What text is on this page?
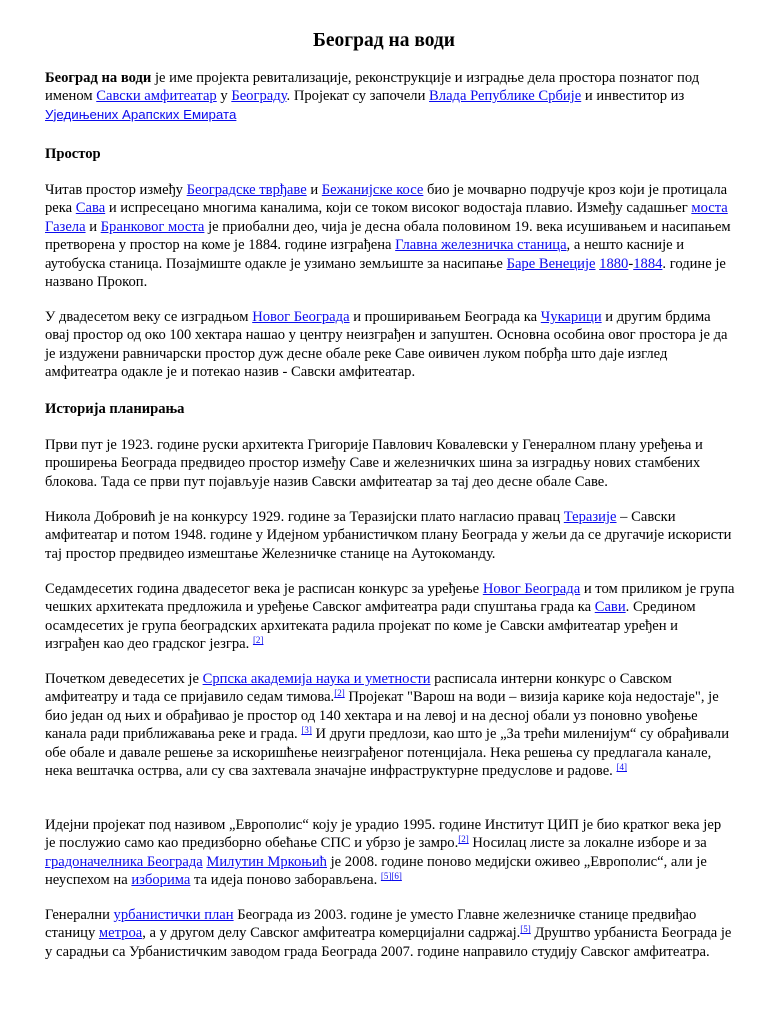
Београд на води

Београд на води је име пројекта ревитализације, реконструкције и изградње дела простора познатог под именом Савски амфитеатар у Београду. Пројекат су започели Влада Републике Србије и инвеститор из Уједињених Арапских Емирата

Простор

Читав простор између Београдске тврђаве и Бежанијске косе био је мочварно подручје кроз који је протицала река Сава и испресецано многима каналима, који се током високог водостаја плавио. Између садашњег моста Газела и Бранковог моста је приобални део, чија је десна обала половином 19. века исушивањем и насипањем претворена у простор на коме је 1884. године изграђена Главна железничка станица, а нешто касније и аутобуска станица. Позајмиште одакле је узимано земљиште за насипање Баре Венеције 1880-1884. године је названо Прокоп.

У двадесетом веку се изградњом Новог Београда и проширивањем Београда ка Чукарици и другим брдима овај простор од око 100 хектара нашао у центру неизграђен и запуштен. Основна особина овог простора је да је издужени равничарски простор дуж десне обале реке Саве оивичен луком побрђа што даје изглед амфитеатра одакле је и потекао назив - Савски амфитеатар.

Историја планирања

Први пут је 1923. године руски архитекта Григорије Павлович Ковалевски у Генералном плану уређења и проширења Београда предвидео простор између Саве и железничких шина за изградњу нових стамбених блокова. Тада се први пут појављује назив Савски амфитеатар за тај део десне обале Саве.

Никола Добровић је на конкурсу 1929. године за Теразијски плато нагласио правац Теразије – Савски амфитеатар и потом 1948. године у Идејном урбанистичком плану Београда у жељи да се другачије искористи тај простор предвидео измештање Железничке станице на Аутокоманду.

Седамдесетих година двадесетог века је расписан конкурс за уређење Новог Београда и том приликом је група чешких архитеката предложила и уређење Савског амфитеатра ради спуштања града ка Сави. Средином осамдесетих је група београдских архитеката радила пројекат по коме је Савски амфитеатар уређен и изграђен као део градског језгра. [2]

Почетком деведесетих је Српска академија наука и уметности расписала интерни конкурс о Савском амфитеатру и тада се пријавило седам тимова.[2] Пројекат "Варош на води – визија карике која недостаје", је био један од њих и обрађивао је простор од 140 хектара и на левој и на десној обали уз поновно увођење канала ради приближавања реке и града. [3] И други предлози, као што је „За трећи миленијум“ су обрађивали обе обале и давале решење за искоришћење неизграђеног потенцијала. Нека решења су предлагала канале, нека вештачка острва, али су сва захтевала значајне инфраструктурне предуслове и радове. [4]

Идејни пројекат под називом „Европолис“ коју је урадио 1995. године Институт ЦИП је био кратког века јер је послужио само као предизборно обећање СПС и убрзо је замро.[2] Носилац листе за локалне изборе и за градоначелника Београда Милутин Мркоњић је 2008. године поново медијски оживео „Европолис“, али је неуспехом на изборима та идеја поново заборављена. [5][6]

Генерални урбанистички план Београда из 2003. године је уместо Главне железничке станице предвиђао станицу метроа, а у другом делу Савског амфитеатра комерцијални садржај.[5] Друштво урбаниста Београда је у сарадњи са Урбанистичким заводом града Београда 2007. године направило студију Савског амфитеатра.
